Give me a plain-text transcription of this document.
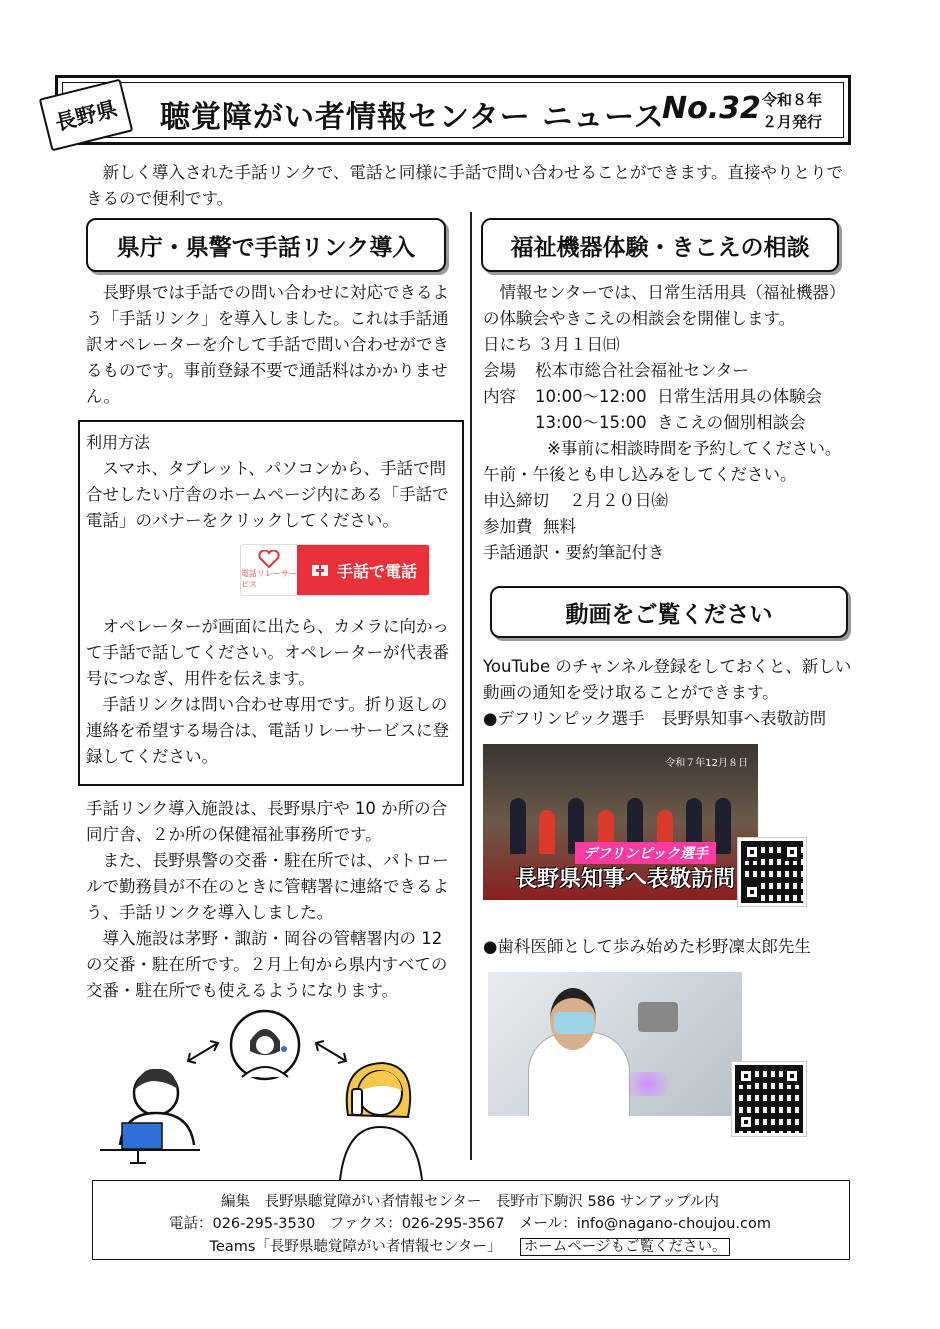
長野県	聴覚障がい者情報センター ニュース
No.32 令和８年
２月発行
新しく導入された手話リンクで、電話と同様に手話で問い合わせることができます。直接やりとりできるので便利です。
県庁・県警で手話リンク導入
長野県では手話での問い合わせに対応できるよう「手話リンク」を導入しました。これは手話通訳オペレーターを介して手話で問い合わせができるものです。事前登録不要で通話料はかかりません。
利用方法
スマホ、タブレット、パソコンから、手話で問合せしたい庁舎のホームページ内にある「手話で電話」のバナーをクリックしてください。
電話リレーサービス
手話で電話
オペレーターが画面に出たら、カメラに向かって手話で話してください。オペレーターが代表番号につなぎ、用件を伝えます。
手話リンクは問い合わせ専用です。折り返しの連絡を希望する場合は、電話リレーサービスに登録してください。
手話リンク導入施設は、長野県庁や 10 か所の合同庁舎、２か所の保健福祉事務所です。
また、長野県警の交番・駐在所では、パトロールで勤務員が不在のときに管轄署に連絡できるよう、手話リンクを導入しました。
導入施設は茅野・諏訪・岡谷の管轄署内の 12 の交番・駐在所です。２月上旬から県内すべての交番・駐在所でも使えるようになります。
福祉機器体験・きこえの相談
情報センターでは、日常生活用具（福祉機器）の体験会やきこえの相談会を開催します。
日にち ３月１日㈰
会場	松本市総合社会福祉センター
内容	10:00～12:00  日常生活用具の体験会
13:00～15:00  きこえの個別相談会
※事前に相談時間を予約してください。
午前・午後とも申し込みをしてください。
申込締切	２月２０日㈮
参加費 無料
手話通訳・要約筆記付き
動画をご覧ください
YouTube のチャンネル登録をしておくと、新しい動画の通知を受け取ることができます。
●デフリンピック選手　長野県知事へ表敬訪問
令和７年12月８日
デフリンピック選手
長野県知事へ表敬訪問
●歯科医師として歩み始めた杉野凜太郎先生
編集　長野県聴覚障がい者情報センター　長野市下駒沢 586 サンアップル内
電話：026-295-3530　ファクス：026-295-3567　メール：info@nagano-choujou.com
Teams「長野県聴覚障がい者情報センター」 ホームページもご覧ください。
